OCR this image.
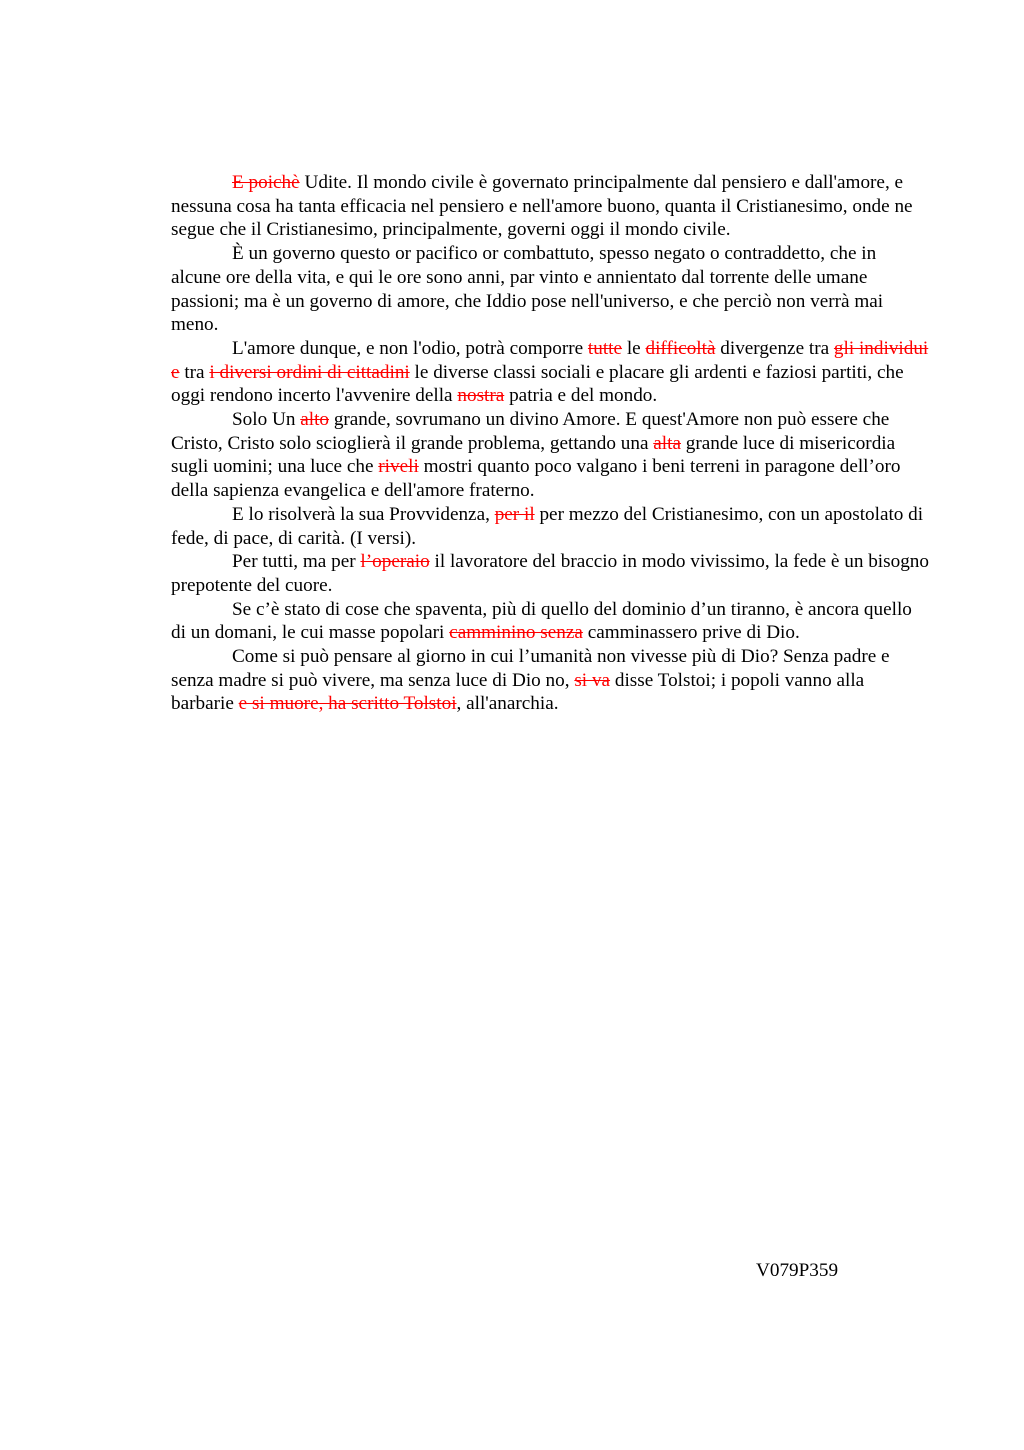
E poichè Udite. Il mondo civile è governato principalmente dal pensiero e dall'amore, e nessuna cosa ha tanta efficacia nel pensiero e nell'amore buono, quanta il Cristianesimo, onde ne segue che il Cristianesimo, principalmente, governi oggi il mondo civile.

È un governo questo or pacifico or combattuto, spesso negato o contraddetto, che in alcune ore della vita, e qui le ore sono anni, par vinto e annientato dal torrente delle umane passioni; ma è un governo di amore, che Iddio pose nell'universo, e che perciò non verrà mai meno.

L'amore dunque, e non l'odio, potrà comporre tutte le difficoltà divergenze tra gli individui e tra i diversi ordini di cittadini le diverse classi sociali e placare gli ardenti e faziosi partiti, che oggi rendono incerto l'avvenire della nostra patria e del mondo.

Solo Un alto grande, sovrumano un divino Amore. E quest'Amore non può essere che Cristo, Cristo solo scioglierà il grande problema, gettando una alta grande luce di misericordia sugli uomini; una luce che riveli mostri quanto poco valgano i beni terreni in paragone dell’oro della sapienza evangelica e dell'amore fraterno.

E lo risolverà la sua Provvidenza, per il per mezzo del Cristianesimo, con un apostolato di fede, di pace, di carità. (I versi).

Per tutti, ma per l’operaio il lavoratore del braccio in modo vivissimo, la fede è un bisogno prepotente del cuore.

Se c’è stato di cose che spaventa, più di quello del dominio d’un tiranno, è ancora quello di un domani, le cui masse popolari camminino senza camminassero prive di Dio.

Come si può pensare al giorno in cui l’umanità non vivesse più di Dio? Senza padre e senza madre si può vivere, ma senza luce di Dio no, si va disse Tolstoi; i popoli vanno alla barbarie e si muore, ha scritto Tolstoi, all'anarchia.

V079P359
